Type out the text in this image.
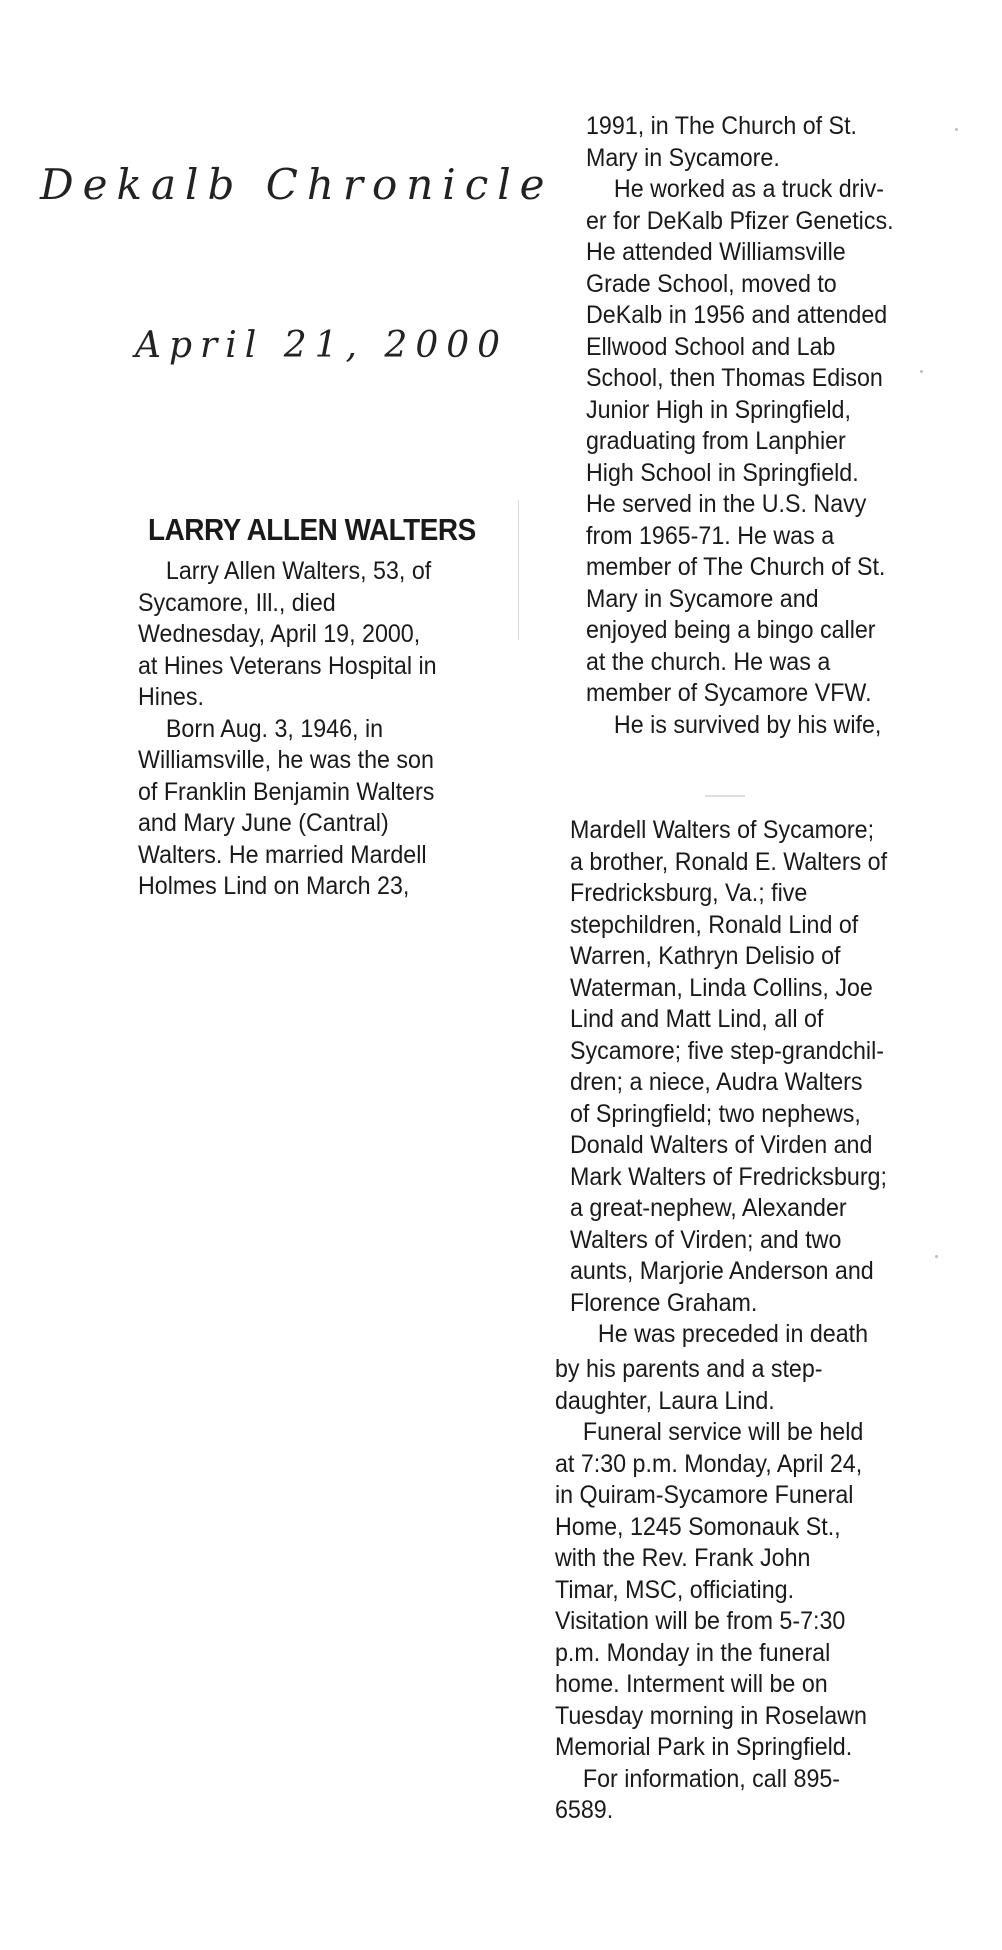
Dekalb Chronicle
April 21, 2000
LARRY ALLEN WALTERS
Larry Allen Walters, 53, of
Sycamore, Ill., died
Wednesday, April 19, 2000,
at Hines Veterans Hospital in
Hines.
Born Aug. 3, 1946, in
Williamsville, he was the son
of Franklin Benjamin Walters
and Mary June (Cantral)
Walters. He married Mardell
Holmes Lind on March 23,
1991, in The Church of St.
Mary in Sycamore.
He worked as a truck driv-
er for DeKalb Pfizer Genetics.
He attended Williamsville
Grade School, moved to
DeKalb in 1956 and attended
Ellwood School and Lab
School, then Thomas Edison
Junior High in Springfield,
graduating from Lanphier
High School in Springfield.
He served in the U.S. Navy
from 1965-71. He was a
member of The Church of St.
Mary in Sycamore and
enjoyed being a bingo caller
at the church. He was a
member of Sycamore VFW.
He is survived by his wife,
Mardell Walters of Sycamore;
a brother, Ronald E. Walters of
Fredricksburg, Va.; five
stepchildren, Ronald Lind of
Warren, Kathryn Delisio of
Waterman, Linda Collins, Joe
Lind and Matt Lind, all of
Sycamore; five step-grandchil-
dren; a niece, Audra Walters
of Springfield; two nephews,
Donald Walters of Virden and
Mark Walters of Fredricksburg;
a great-nephew, Alexander
Walters of Virden; and two
aunts, Marjorie Anderson and
Florence Graham.
He was preceded in death
by his parents and a step-
daughter, Laura Lind.
Funeral service will be held
at 7:30 p.m. Monday, April 24,
in Quiram-Sycamore Funeral
Home, 1245 Somonauk St.,
with the Rev. Frank John
Timar, MSC, officiating.
Visitation will be from 5-7:30
p.m. Monday in the funeral
home. Interment will be on
Tuesday morning in Roselawn
Memorial Park in Springfield.
For information, call 895-
6589.
